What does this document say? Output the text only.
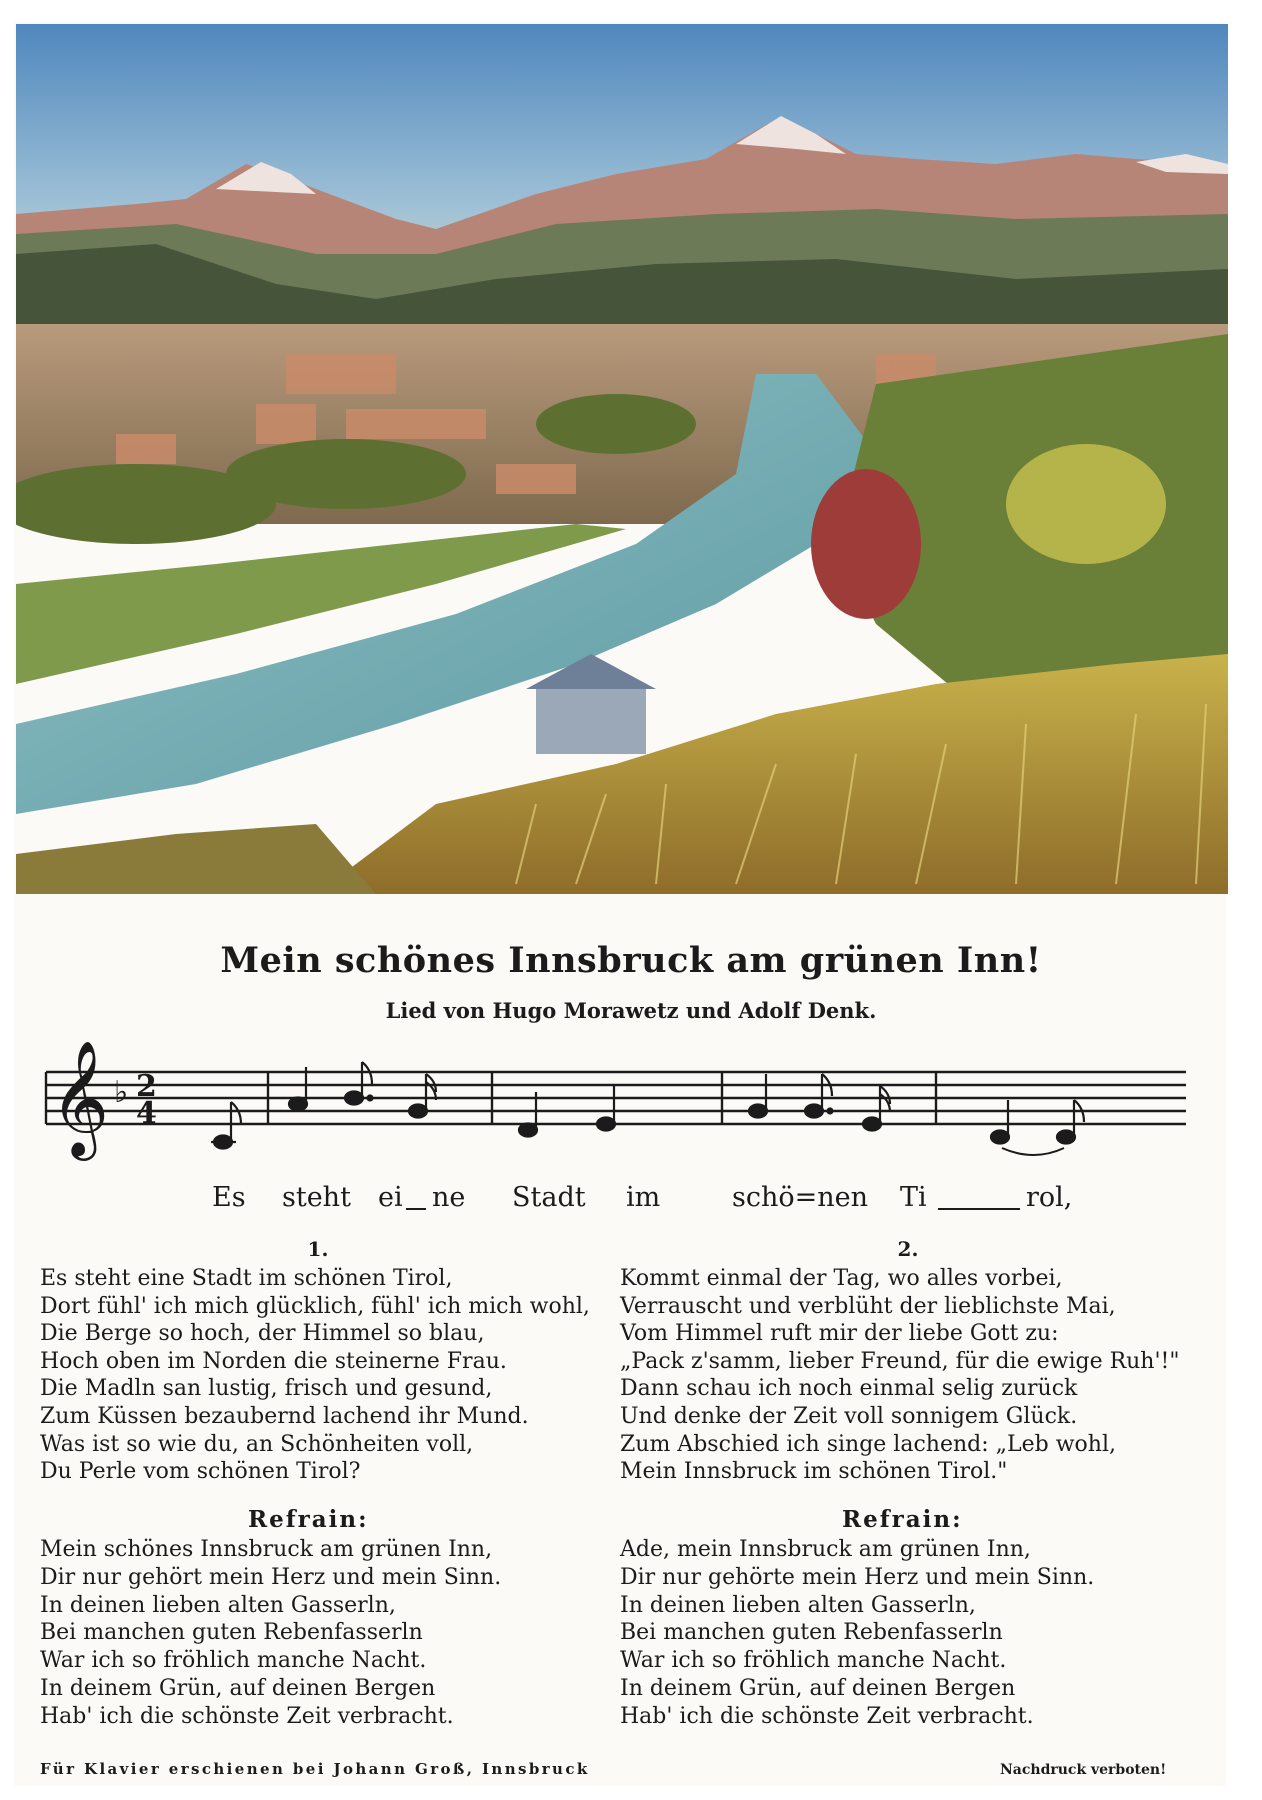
Mein schönes Innsbruck am grünen Inn!
Lied von Hugo Morawetz und Adolf Denk.
𝄞 ♭ 2
4
Es steht ei ne Stadt im	schö=nen Ti	rol,
1.
Es steht eine Stadt im schönen Tirol,
Dort fühl' ich mich glücklich, fühl' ich mich wohl,
Die Berge so hoch, der Himmel so blau,
Hoch oben im Norden die steinerne Frau.
Die Madln san lustig, frisch und gesund,
Zum Küssen bezaubernd lachend ihr Mund.
Was ist so wie du, an Schönheiten voll,
Du Perle vom schönen Tirol?
Refrain:
Mein schönes Innsbruck am grünen Inn,
Dir nur gehört mein Herz und mein Sinn.
In deinen lieben alten Gasserln,
Bei manchen guten Rebenfasserln
War ich so fröhlich manche Nacht.
In deinem Grün, auf deinen Bergen
Hab' ich die schönste Zeit verbracht.
2.
Kommt einmal der Tag, wo alles vorbei,
Verrauscht und verblüht der lieblichste Mai,
Vom Himmel ruft mir der liebe Gott zu:
„Pack z'samm, lieber Freund, für die ewige Ruh'!"
Dann schau ich noch einmal selig zurück
Und denke der Zeit voll sonnigem Glück.
Zum Abschied ich singe lachend: „Leb wohl,
Mein Innsbruck im schönen Tirol."
Refrain:
Ade, mein Innsbruck am grünen Inn,
Dir nur gehörte mein Herz und mein Sinn.
In deinen lieben alten Gasserln,
Bei manchen guten Rebenfasserln
War ich so fröhlich manche Nacht.
In deinem Grün, auf deinen Bergen
Hab' ich die schönste Zeit verbracht.
Für Klavier erschienen bei Johann Groß, Innsbruck	Nachdruck verboten!
